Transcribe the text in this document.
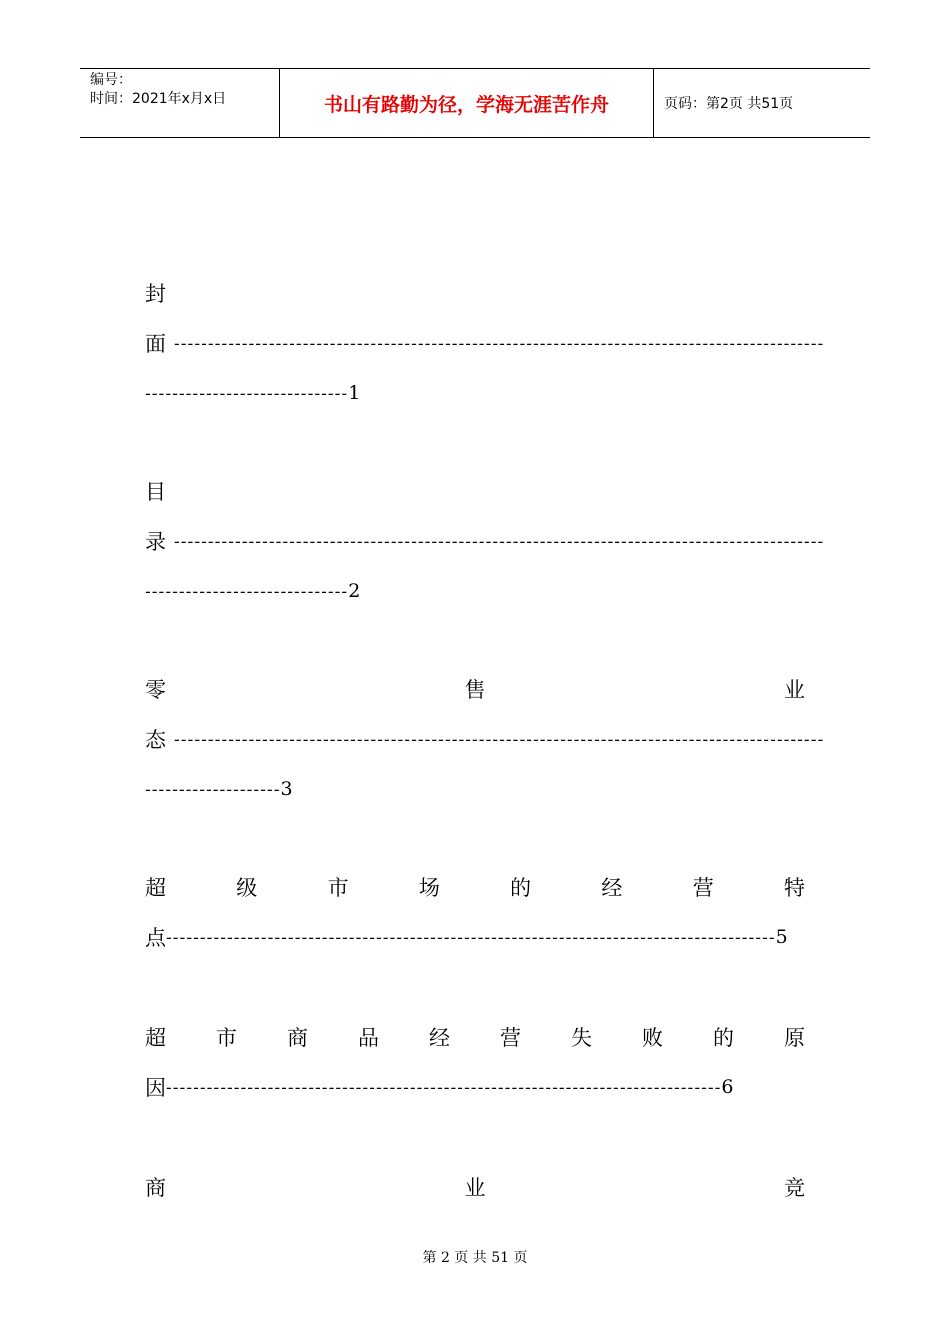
编号：
时间：2021年x月x日	书山有路勤为径，学海无涯苦作舟	页码：第2页 共51页
封
面 ------------------------------------------------------------------------------------------------
------------------------------ 1
目
录 ------------------------------------------------------------------------------------------------
------------------------------ 2
零	售	业
态 ------------------------------------------------------------------------------------------------
-------------------- 3
超	级	市	场	的	经	营	特
点 ------------------------------------------------------------------------------------------ 5
超 市 商 品 经 营 失 败 的 原
因 ---------------------------------------------------------------------------------- 6
商	业	竞
第 2 页 共 51 页
